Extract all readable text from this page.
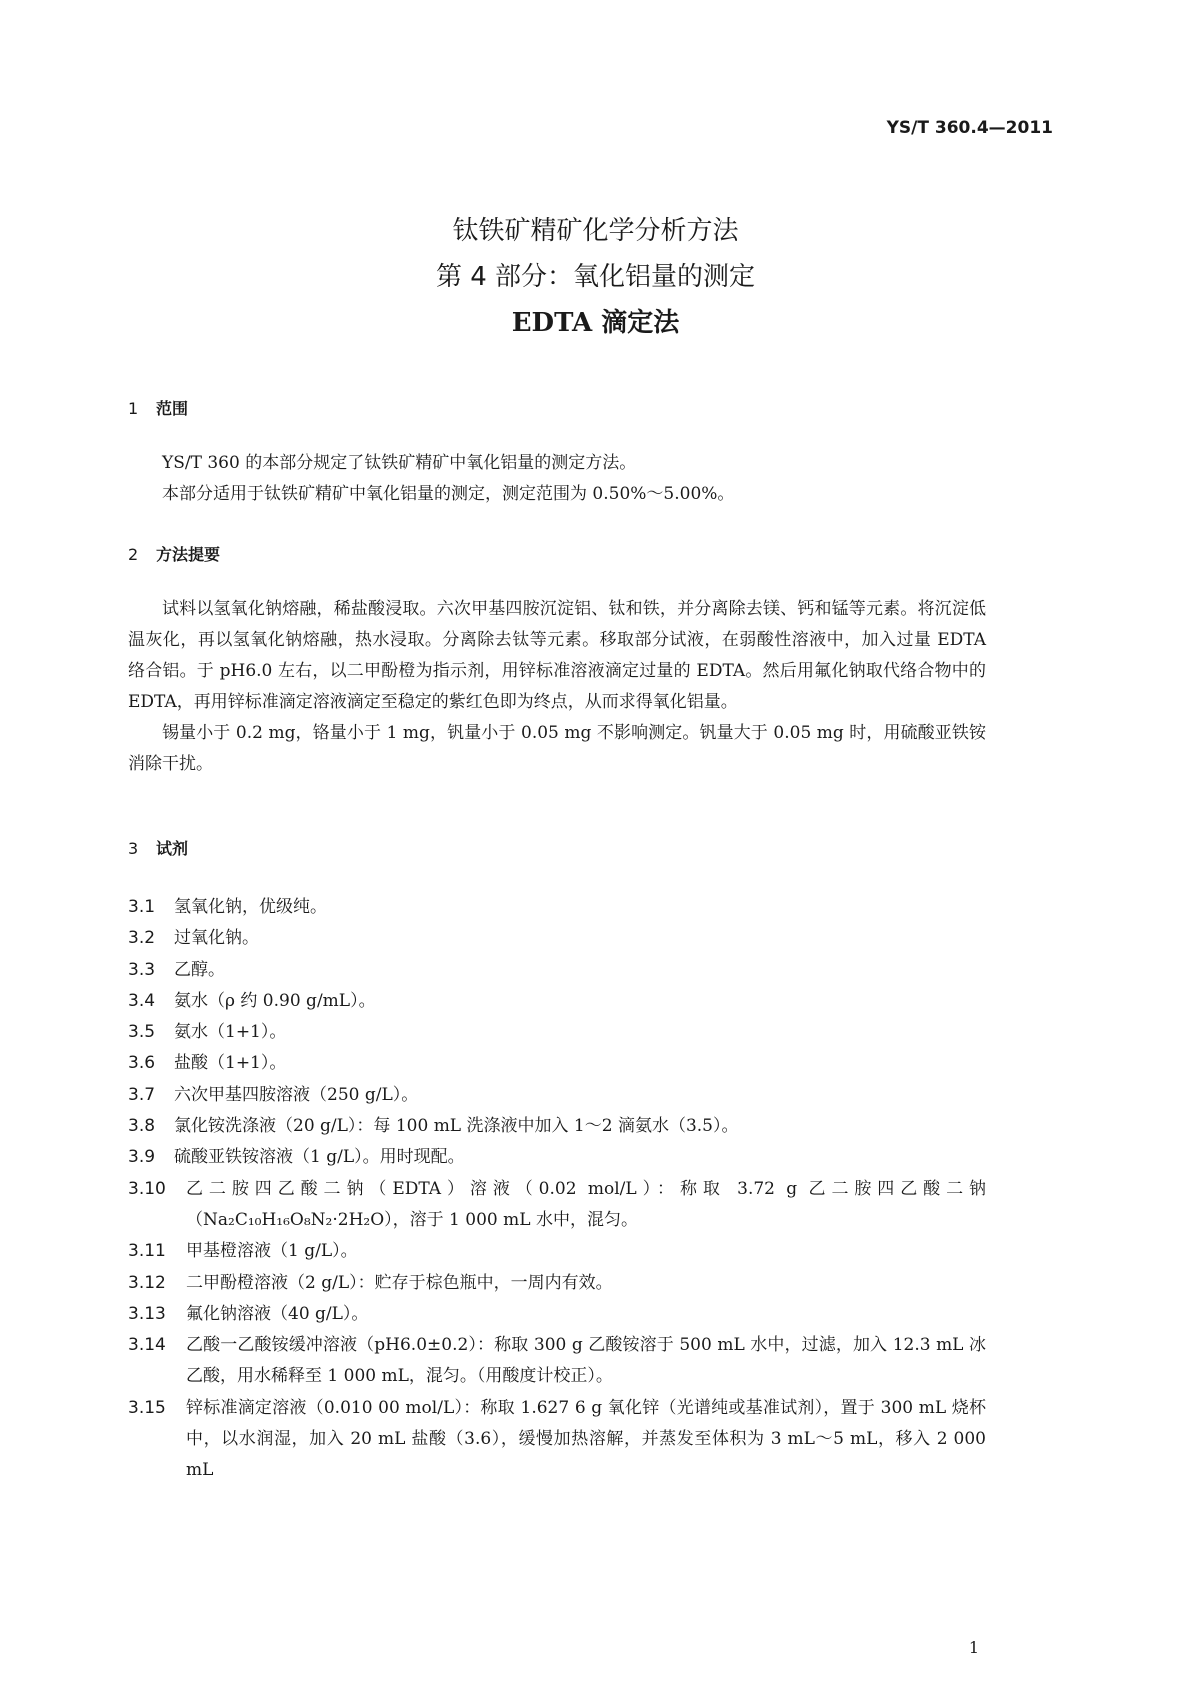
YS/T 360.4—2011
钛铁矿精矿化学分析方法
第 4 部分：氧化铝量的测定
EDTA 滴定法
1 范围

YS/T 360 的本部分规定了钛铁矿精矿中氧化铝量的测定方法。

本部分适用于钛铁矿精矿中氧化铝量的测定，测定范围为 0.50%～5.00%。

2 方法提要

试料以氢氧化钠熔融，稀盐酸浸取。六次甲基四胺沉淀铝、钛和铁，并分离除去镁、钙和锰等元素。将沉淀低温灰化，再以氢氧化钠熔融，热水浸取。分离除去钛等元素。移取部分试液，在弱酸性溶液中，加入过量 EDTA 络合铝。于 pH6.0 左右，以二甲酚橙为指示剂，用锌标准溶液滴定过量的 EDTA。然后用氟化钠取代络合物中的 EDTA，再用锌标准滴定溶液滴定至稳定的紫红色即为终点，从而求得氧化铝量。

锡量小于 0.2 mg，铬量小于 1 mg，钒量小于 0.05 mg 不影响测定。钒量大于 0.05 mg 时，用硫酸亚铁铵消除干扰。

3 试剂
3.1	氢氧化钠，优级纯。
3.2	过氧化钠。
3.3	乙醇。
3.4	氨水（ρ 约 0.90 g/mL）。
3.5	氨水（1+1）。
3.6	盐酸（1+1）。
3.7	六次甲基四胺溶液（250 g/L）。
3.8	氯化铵洗涤液（20 g/L）：每 100 mL 洗涤液中加入 1～2 滴氨水（3.5）。
3.9	硫酸亚铁铵溶液（1 g/L）。用时现配。
3.10	乙二胺四乙酸二钠（EDTA）溶液（0.02 mol/L）：称取 3.72 g 乙二胺四乙酸二钠（Na₂C₁₀H₁₆O₈N₂·2H₂O），溶于 1 000 mL 水中，混匀。
3.11	甲基橙溶液（1 g/L）。
3.12	二甲酚橙溶液（2 g/L）：贮存于棕色瓶中，一周内有效。
3.13	氟化钠溶液（40 g/L）。
3.14	乙酸一乙酸铵缓冲溶液（pH6.0±0.2）：称取 300 g 乙酸铵溶于 500 mL 水中，过滤，加入 12.3 mL 冰乙酸，用水稀释至 1 000 mL，混匀。（用酸度计校正）。
3.15	锌标准滴定溶液（0.010 00 mol/L）：称取 1.627 6 g 氧化锌（光谱纯或基准试剂），置于 300 mL 烧杯中，以水润湿，加入 20 mL 盐酸（3.6），缓慢加热溶解，并蒸发至体积为 3 mL～5 mL，移入 2 000 mL
1
